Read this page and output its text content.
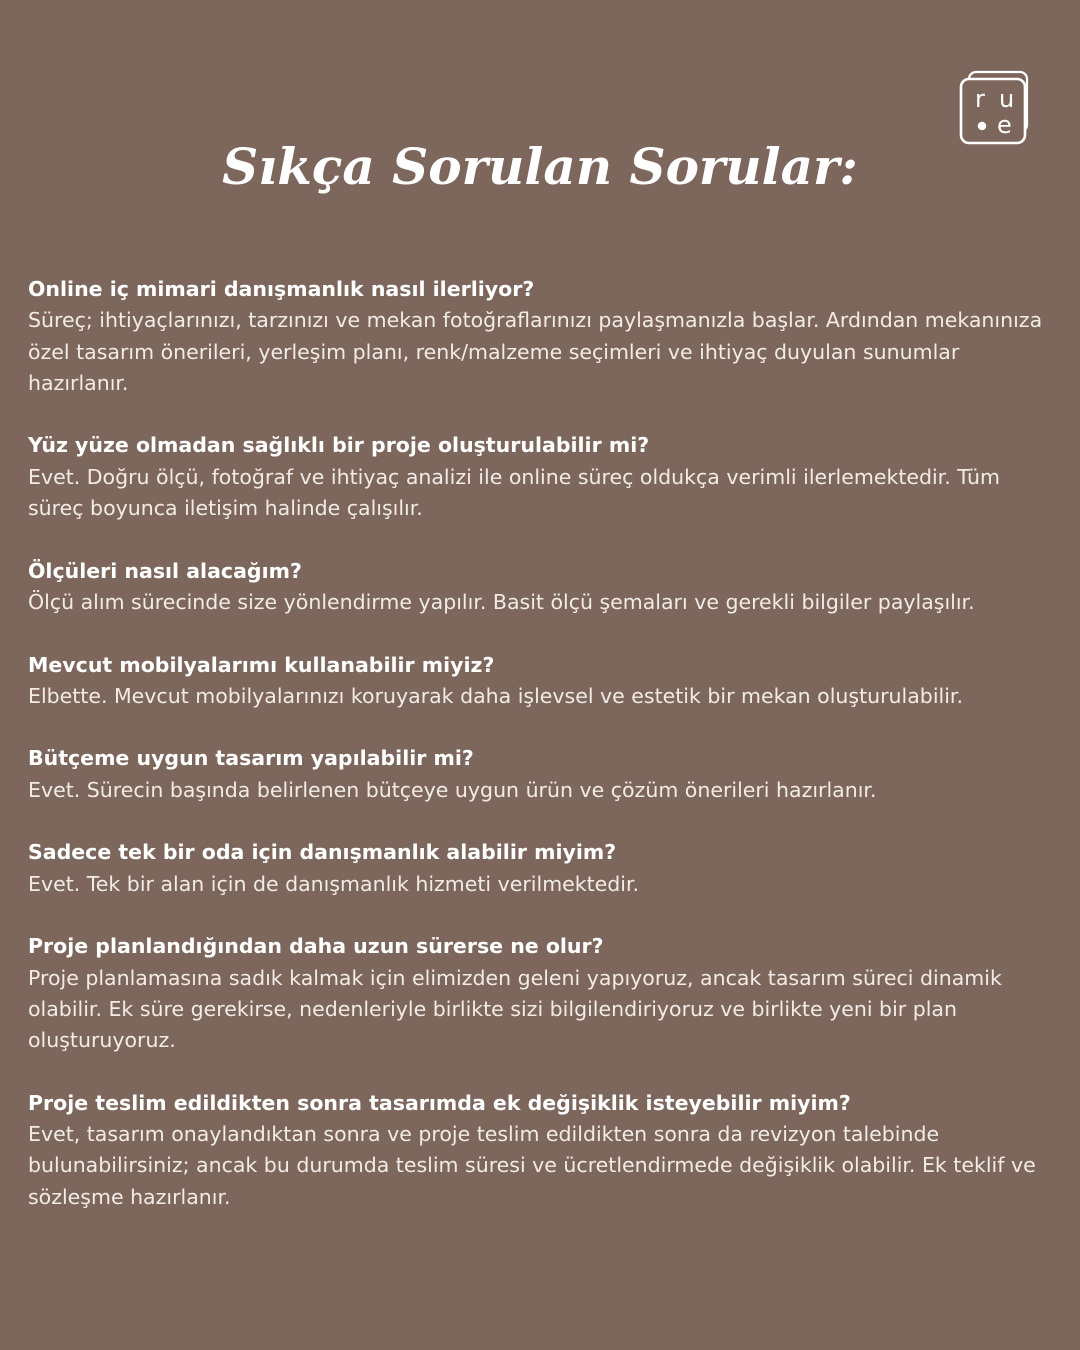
r u
e
Sıkça Sorulan Sorular:
Online iç mimari danışmanlık nasıl ilerliyor?
Süreç; ihtiyaçlarınızı, tarzınızı ve mekan fotoğraflarınızı paylaşmanızla başlar. Ardından mekanınıza özel tasarım önerileri, yerleşim planı, renk/malzeme seçimleri ve ihtiyaç duyulan sunumlar hazırlanır.
Yüz yüze olmadan sağlıklı bir proje oluşturulabilir mi?
Evet. Doğru ölçü, fotoğraf ve ihtiyaç analizi ile online süreç oldukça verimli ilerlemektedir. Tüm süreç boyunca iletişim halinde çalışılır.
Ölçüleri nasıl alacağım?
Ölçü alım sürecinde size yönlendirme yapılır. Basit ölçü şemaları ve gerekli bilgiler paylaşılır.
Mevcut mobilyalarımı kullanabilir miyiz?
Elbette. Mevcut mobilyalarınızı koruyarak daha işlevsel ve estetik bir mekan oluşturulabilir.
Bütçeme uygun tasarım yapılabilir mi?
Evet. Sürecin başında belirlenen bütçeye uygun ürün ve çözüm önerileri hazırlanır.
Sadece tek bir oda için danışmanlık alabilir miyim?
Evet. Tek bir alan için de danışmanlık hizmeti verilmektedir.
Proje planlandığından daha uzun sürerse ne olur?
Proje planlamasına sadık kalmak için elimizden geleni yapıyoruz, ancak tasarım süreci dinamik olabilir. Ek süre gerekirse, nedenleriyle birlikte sizi bilgilendiriyoruz ve birlikte yeni bir plan oluşturuyoruz.
Proje teslim edildikten sonra tasarımda ek değişiklik isteyebilir miyim?
Evet, tasarım onaylandıktan sonra ve proje teslim edildikten sonra da revizyon talebinde bulunabilirsiniz; ancak bu durumda teslim süresi ve ücretlendirmede değişiklik olabilir. Ek teklif ve sözleşme hazırlanır.
